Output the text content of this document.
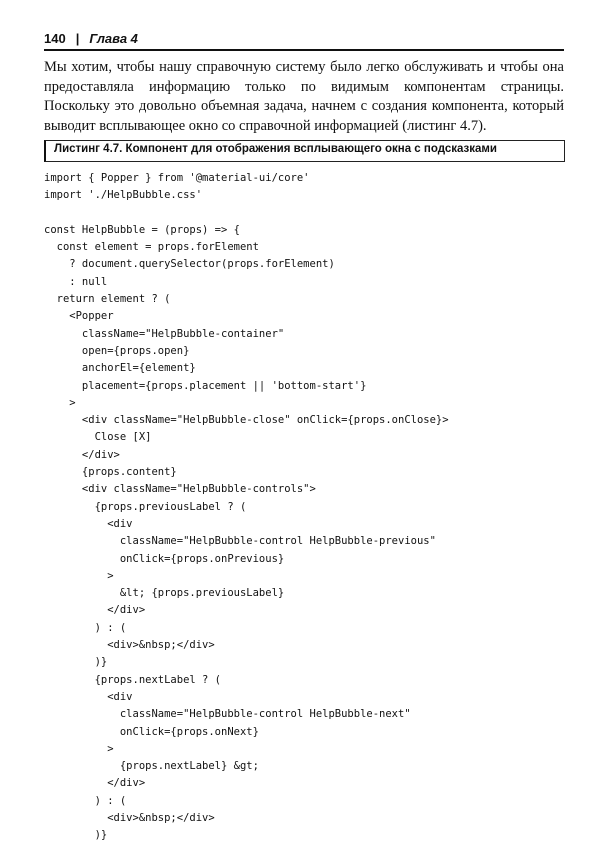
140 | Глава 4

Мы хотим, чтобы нашу справочную систему было легко обслуживать и чтобы она предоставляла информацию только по видимым компонентам страницы. Поскольку это довольно объемная задача, начнем с создания компонента, который выводит всплывающее окно со справочной информацией (листинг 4.7).

Листинг 4.7. Компонент для отображения всплывающего окна с подсказками
import { Popper } from '@material-ui/core'
import './HelpBubble.css'
const HelpBubble = (props) => {
const element = props.forElement
? document.querySelector(props.forElement)
: null
return element ? (
<Popper
className="HelpBubble-container"
open={props.open}
anchorEl={element}
placement={props.placement || 'bottom-start'}
>
<div className="HelpBubble-close" onClick={props.onClose}>
Close [X]
</div>
{props.content}
<div className="HelpBubble-controls">
{props.previousLabel ? (
<div
className="HelpBubble-control HelpBubble-previous"
onClick={props.onPrevious}
>
&lt; {props.previousLabel}
</div>
) : (
<div>&nbsp;</div>
)}
{props.nextLabel ? (
<div
className="HelpBubble-control HelpBubble-next"
onClick={props.onNext}
>
{props.nextLabel} &gt;
</div>
) : (
<div>&nbsp;</div>
)}
